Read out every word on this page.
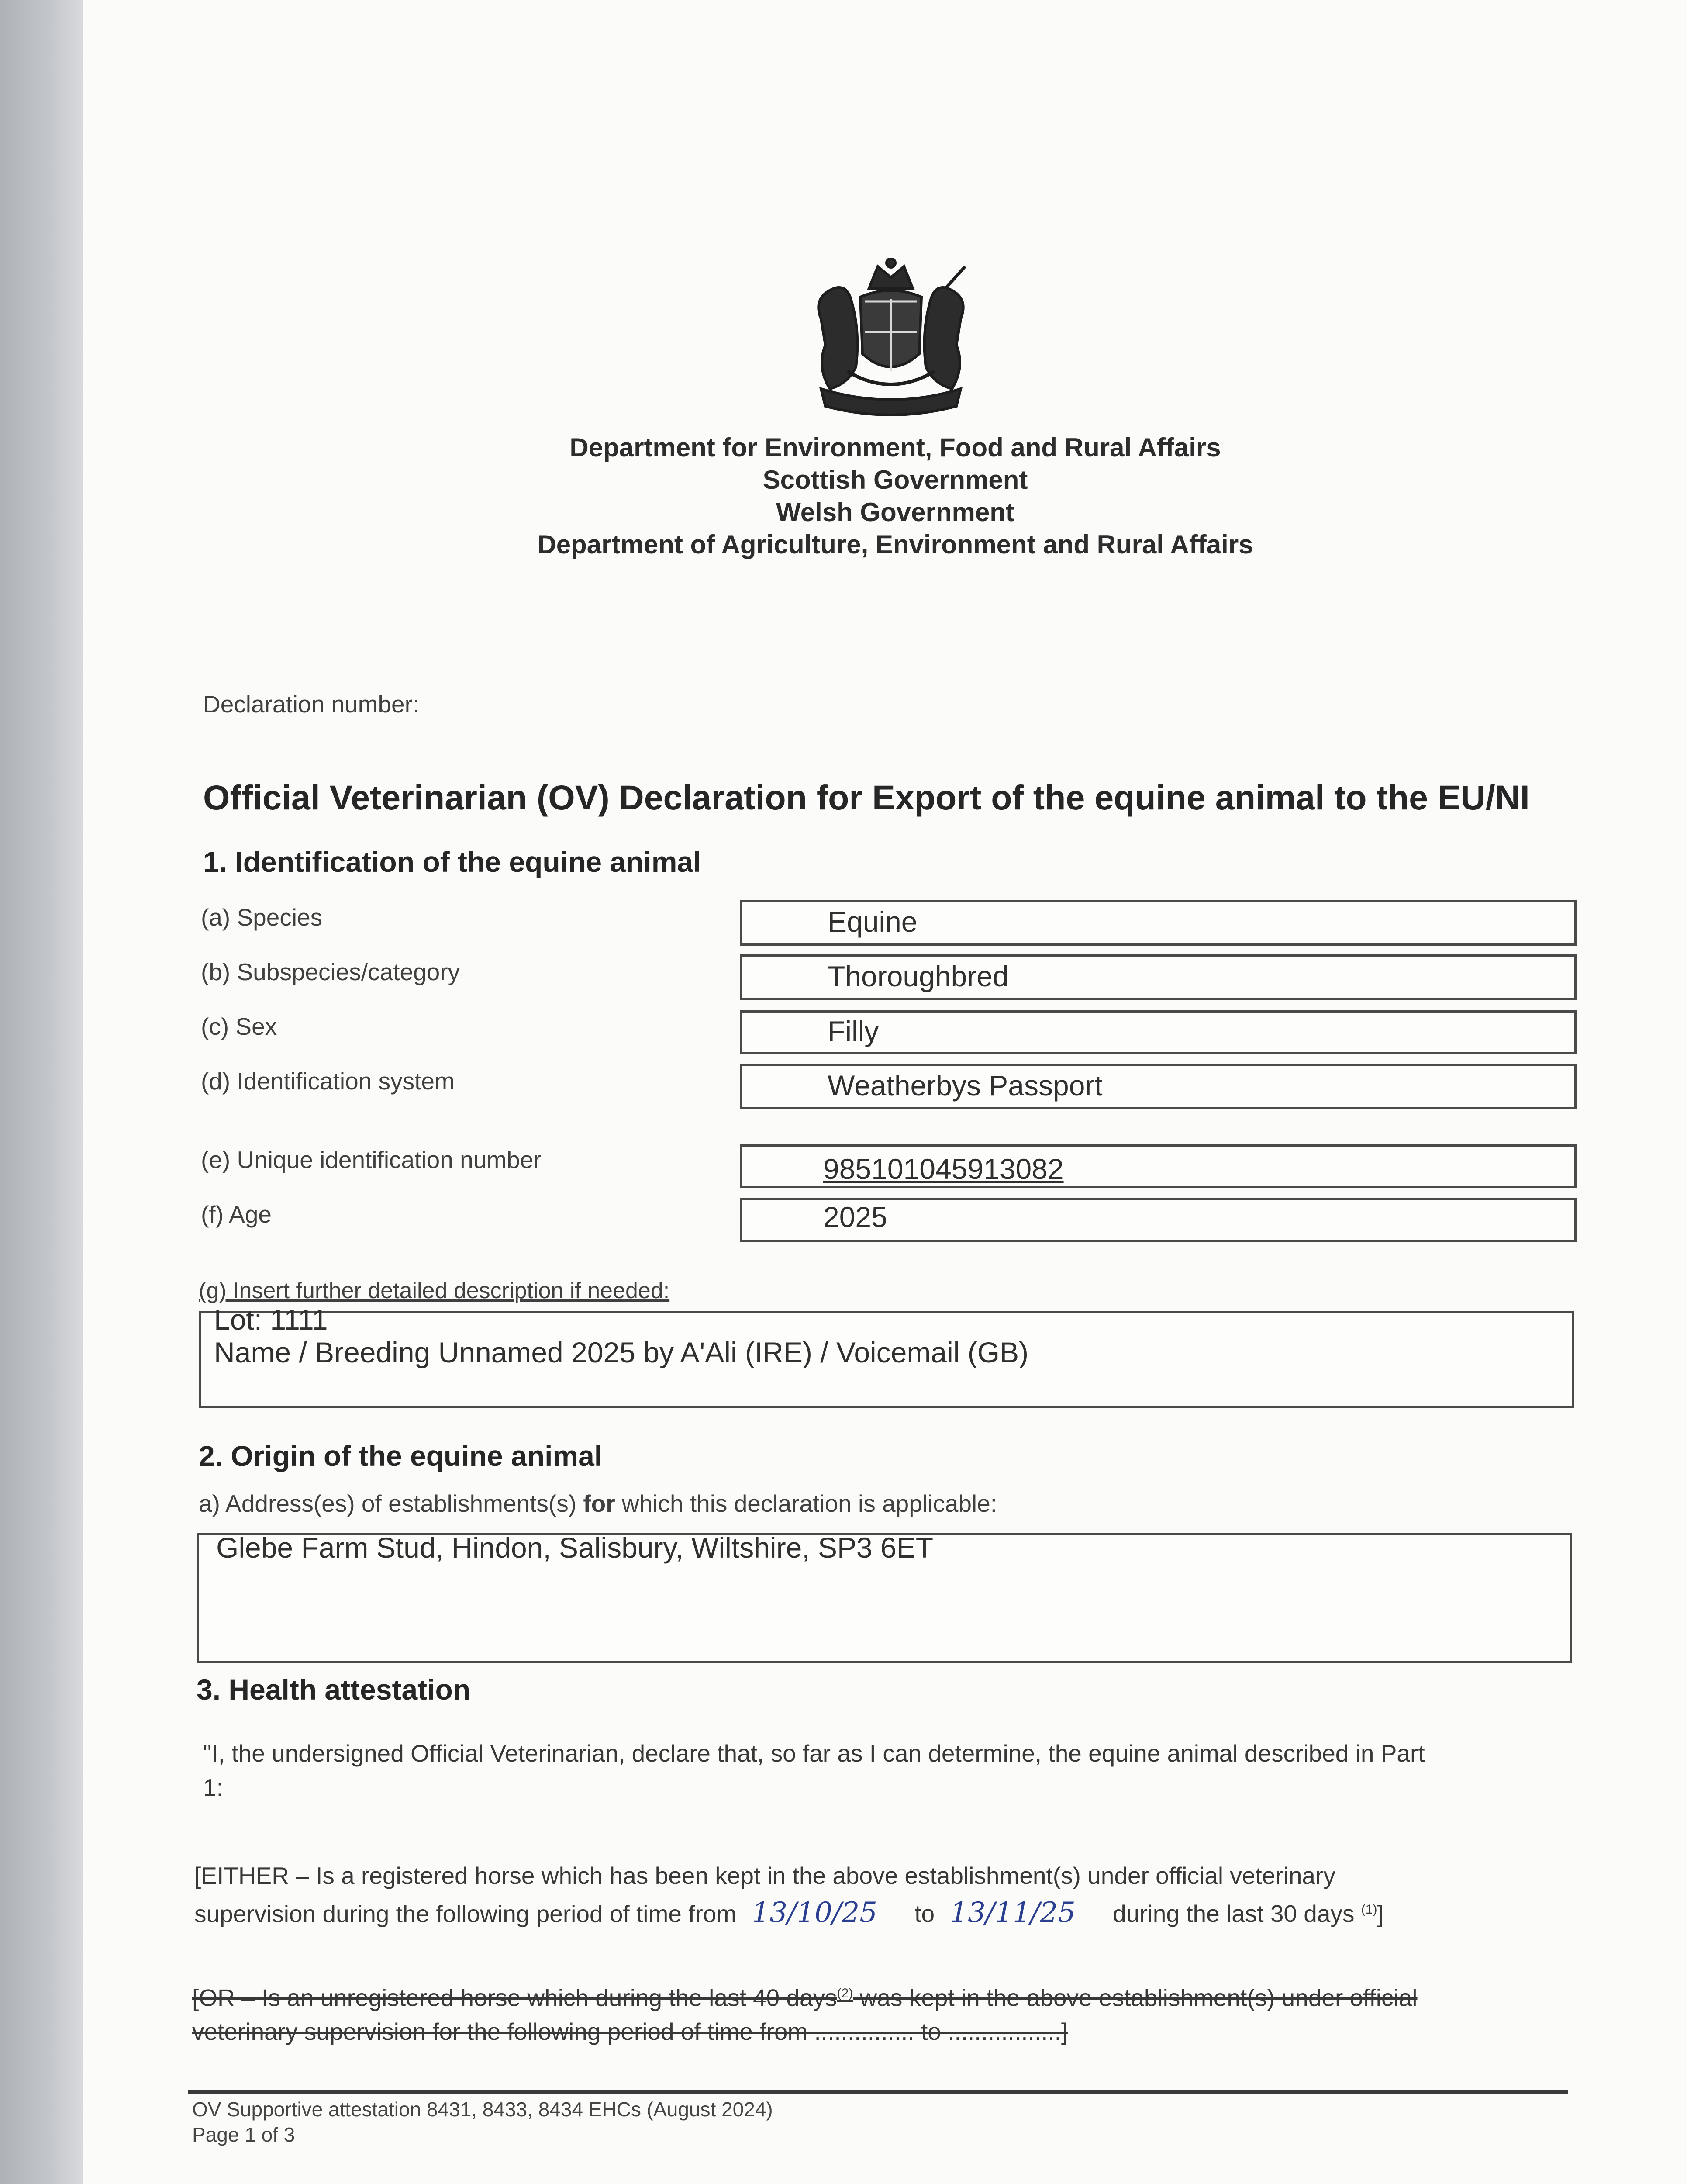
Department for Environment, Food and Rural Affairs
Scottish Government
Welsh Government
Department of Agriculture, Environment and Rural Affairs
Declaration number:
Official Veterinarian (OV) Declaration for Export of the equine animal to the EU/NI
1. Identification of the equine animal
(a) Species	Equine
(b) Subspecies/category	Thoroughbred
(c) Sex	Filly
(d) Identification system	Weatherbys Passport
(e) Unique identification number	985101045913082
(f) Age	2025
(g) Insert further detailed description if needed:
Lot: 1111
Name / Breeding Unnamed 2025 by A'Ali (IRE) / Voicemail (GB)
2. Origin of the equine animal
a) Address(es) of establishments(s) for which this declaration is applicable:
Glebe Farm Stud, Hindon, Salisbury, Wiltshire, SP3 6ET
3. Health attestation
"I, the undersigned Official Veterinarian, declare that, so far as I can determine, the equine animal described in Part
1:
[EITHER – Is a registered horse which has been kept in the above establishment(s) under official veterinary
supervision during the following period of time from 13/10/25 to 13/11/25 during the last 30 days $^{(1)}$]
[OR – Is an unregistered horse which during the last 40 days$^{(2)}$ was kept in the above establishment(s) under official
veterinary supervision for the following period of time from ............... to .................]
OV Supportive attestation 8431, 8433, 8434 EHCs (August 2024)
Page 1 of 3
